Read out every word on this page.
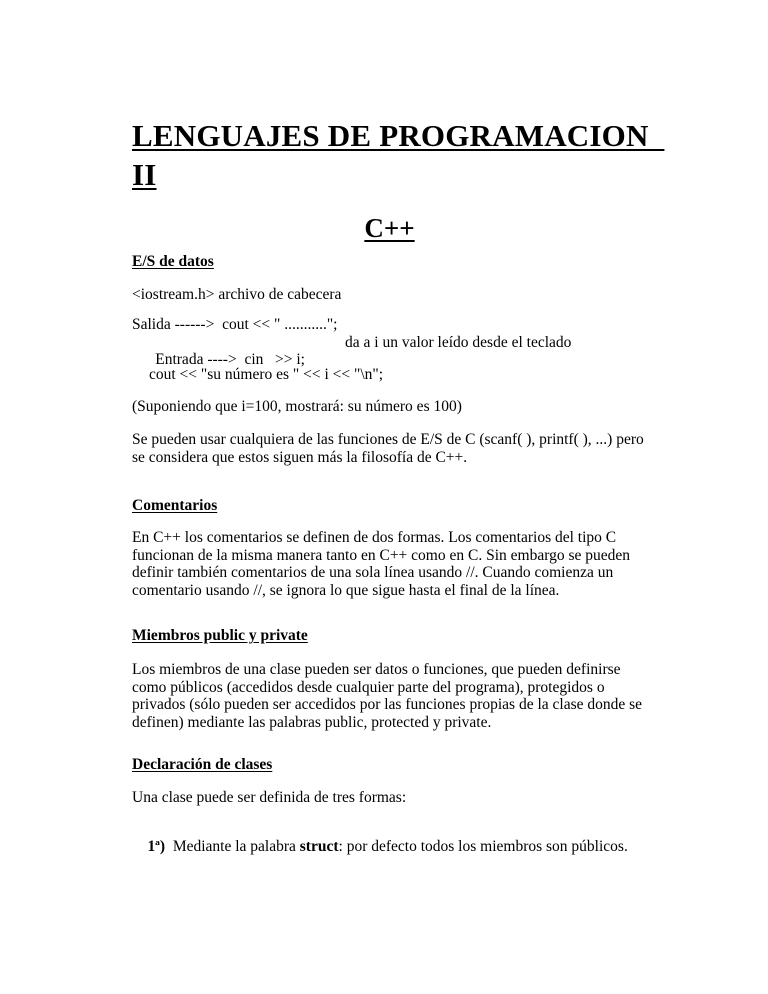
LENGUAJES DE PROGRAMACION
II
C++
E/S de datos
<iostream.h> archivo de cabecera
Salida ------>  cout << " ...........";

Entrada ---->  cin   >> i;

da a i un valor leído desde el teclado

cout << "su número es " << i << "\n";
(Suponiendo que i=100, mostrará: su número es 100)
Se pueden usar cualquiera de las funciones de E/S de C (scanf( ), printf( ), ...) pero
se considera que estos siguen más la filosofía de C++.
Comentarios
En C++ los comentarios se definen de dos formas. Los comentarios del tipo C
funcionan de la misma manera tanto en C++ como en C. Sin embargo se pueden
definir también comentarios de una sola línea usando //. Cuando comienza un
comentario usando //, se ignora lo que sigue hasta el final de la línea.
Miembros public y private
Los miembros de una clase pueden ser datos o funciones, que pueden definirse
como públicos (accedidos desde cualquier parte del programa), protegidos o
privados (sólo pueden ser accedidos por las funciones propias de la clase donde se
definen) mediante las palabras public, protected y private.
Declaración de clases
Una clase puede ser definida de tres formas:

1ª)  Mediante la palabra struct: por defecto todos los miembros son públicos.
